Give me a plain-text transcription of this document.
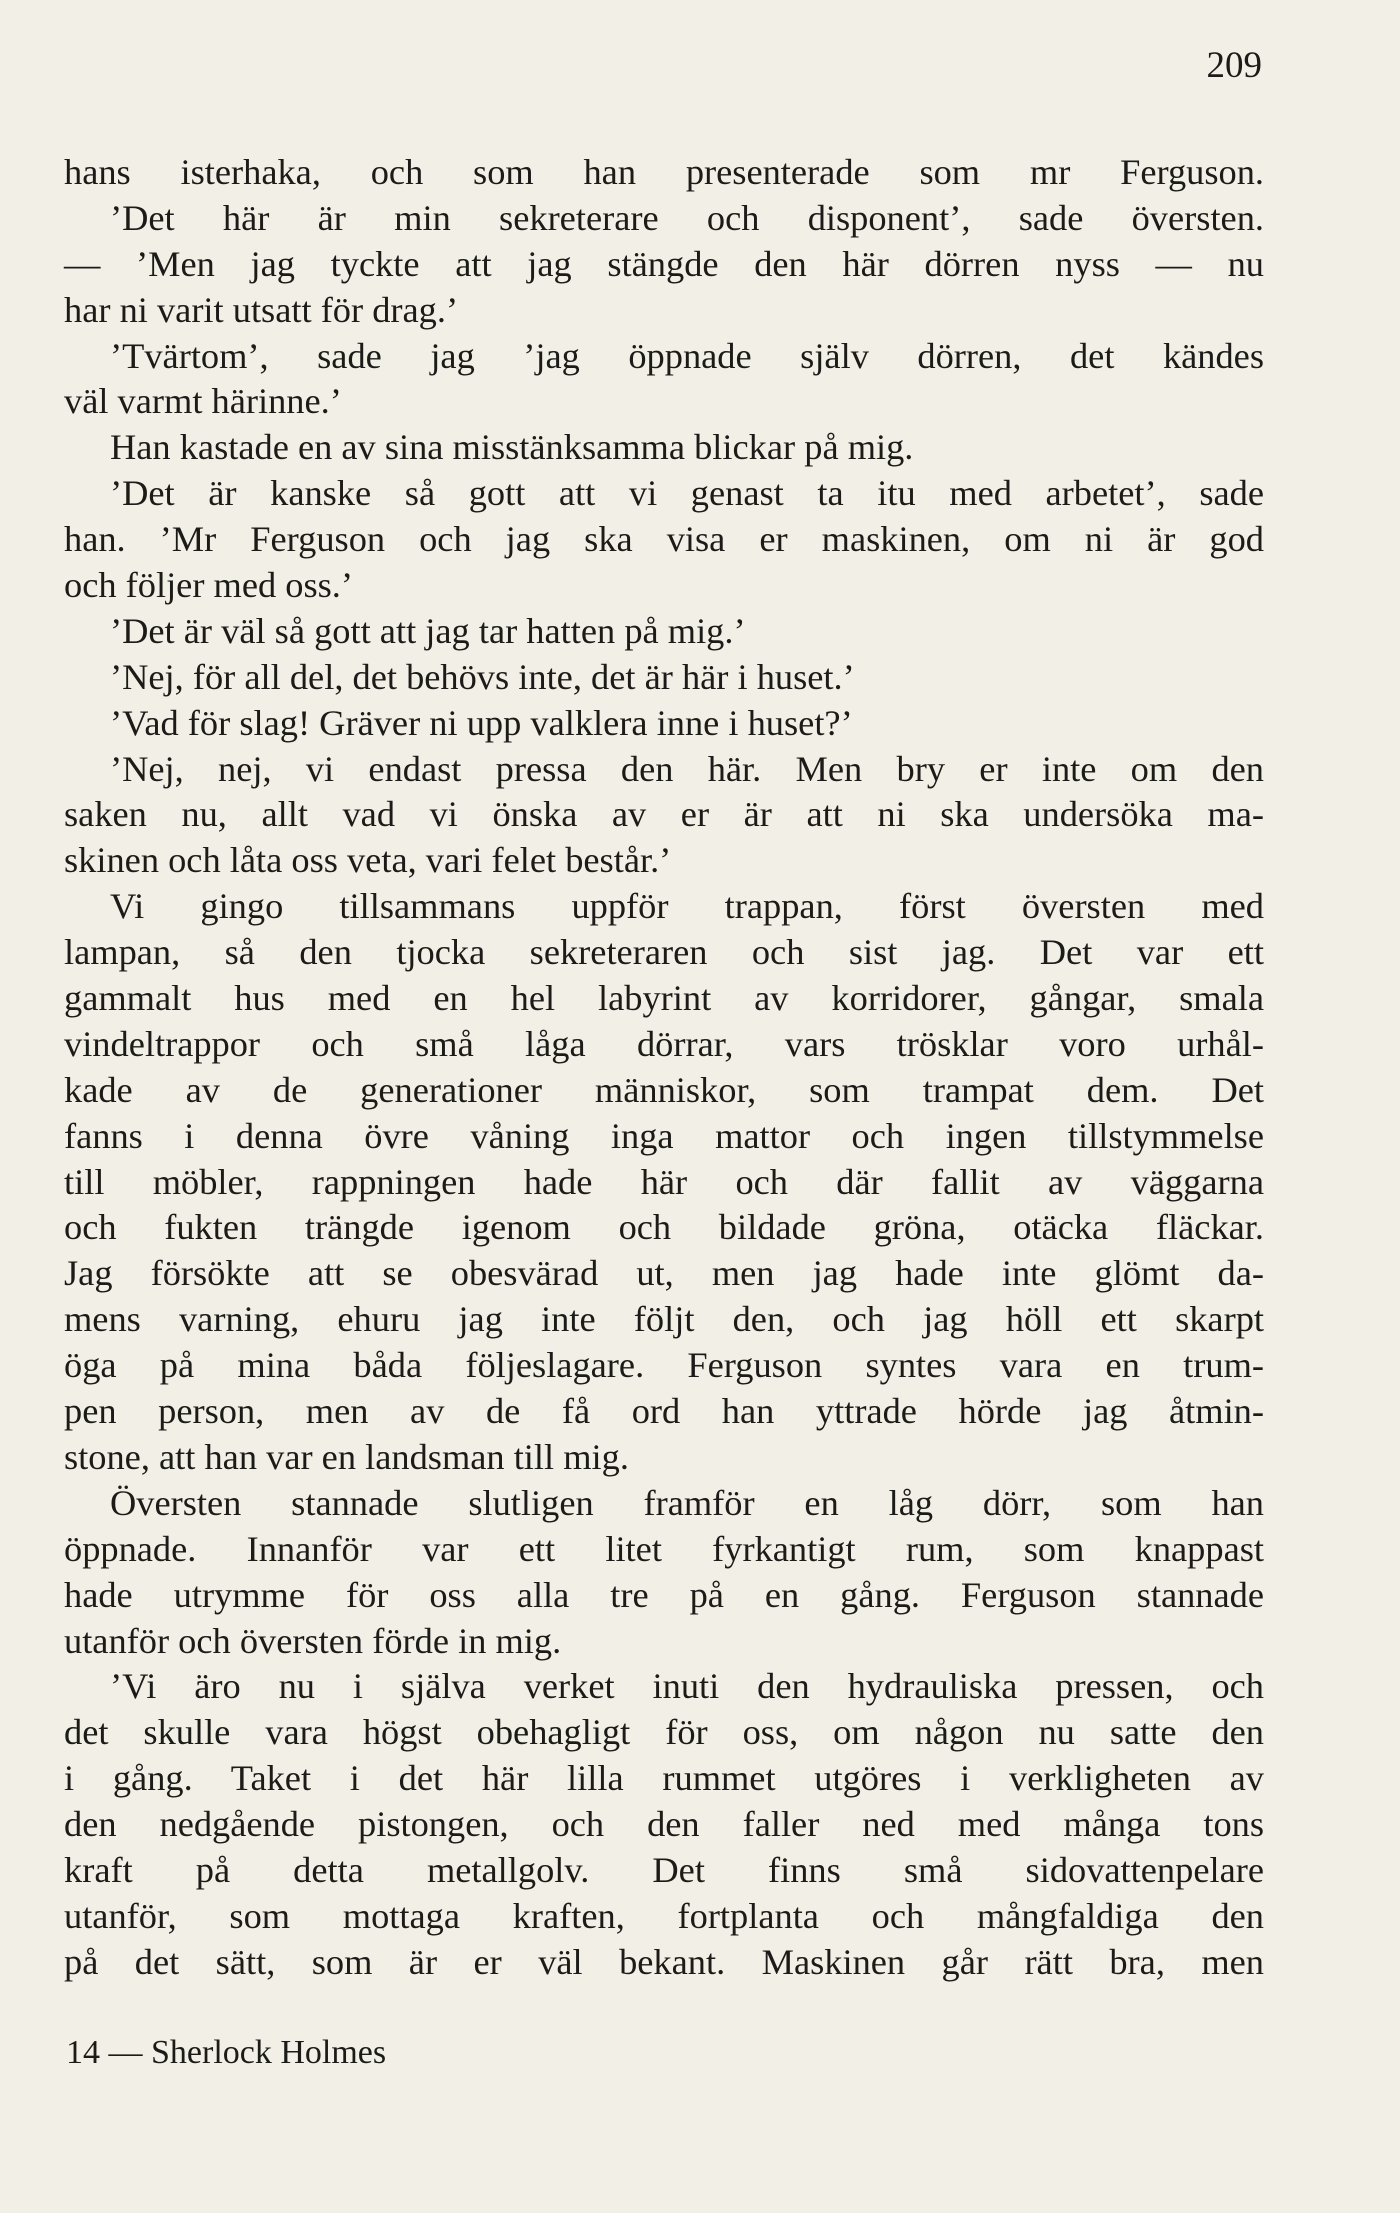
209
hans isterhaka, och som han presenterade som mr Ferguson.
’Det här är min sekreterare och disponent’, sade översten.
— ’Men jag tyckte att jag stängde den här dörren nyss — nu
har ni varit utsatt för drag.’
’Tvärtom’, sade jag ’jag öppnade själv dörren, det kändes
väl varmt härinne.’
Han kastade en av sina misstänksamma blickar på mig.
’Det är kanske så gott att vi genast ta itu med arbetet’, sade
han. ’Mr Ferguson och jag ska visa er maskinen, om ni är god
och följer med oss.’
’Det är väl så gott att jag tar hatten på mig.’
’Nej, för all del, det behövs inte, det är här i huset.’
’Vad för slag! Gräver ni upp valklera inne i huset?’
’Nej, nej, vi endast pressa den här. Men bry er inte om den
saken nu, allt vad vi önska av er är att ni ska undersöka ma-
skinen och låta oss veta, vari felet består.’
Vi gingo tillsammans uppför trappan, först översten med
lampan, så den tjocka sekreteraren och sist jag. Det var ett
gammalt hus med en hel labyrint av korridorer, gångar, smala
vindeltrappor och små låga dörrar, vars trösklar voro urhål-
kade av de generationer människor, som trampat dem. Det
fanns i denna övre våning inga mattor och ingen tillstymmelse
till möbler, rappningen hade här och där fallit av väggarna
och fukten trängde igenom och bildade gröna, otäcka fläckar.
Jag försökte att se obesvärad ut, men jag hade inte glömt da-
mens varning, ehuru jag inte följt den, och jag höll ett skarpt
öga på mina båda följeslagare. Ferguson syntes vara en trum-
pen person, men av de få ord han yttrade hörde jag åtmin-
stone, att han var en landsman till mig.
Översten stannade slutligen framför en låg dörr, som han
öppnade. Innanför var ett litet fyrkantigt rum, som knappast
hade utrymme för oss alla tre på en gång. Ferguson stannade
utanför och översten förde in mig.
’Vi äro nu i själva verket inuti den hydrauliska pressen, och
det skulle vara högst obehagligt för oss, om någon nu satte den
i gång. Taket i det här lilla rummet utgöres i verkligheten av
den nedgående pistongen, och den faller ned med många tons
kraft på detta metallgolv. Det finns små sidovattenpelare
utanför, som mottaga kraften, fortplanta och mångfaldiga den
på det sätt, som är er väl bekant. Maskinen går rätt bra, men
14 — Sherlock Holmes
